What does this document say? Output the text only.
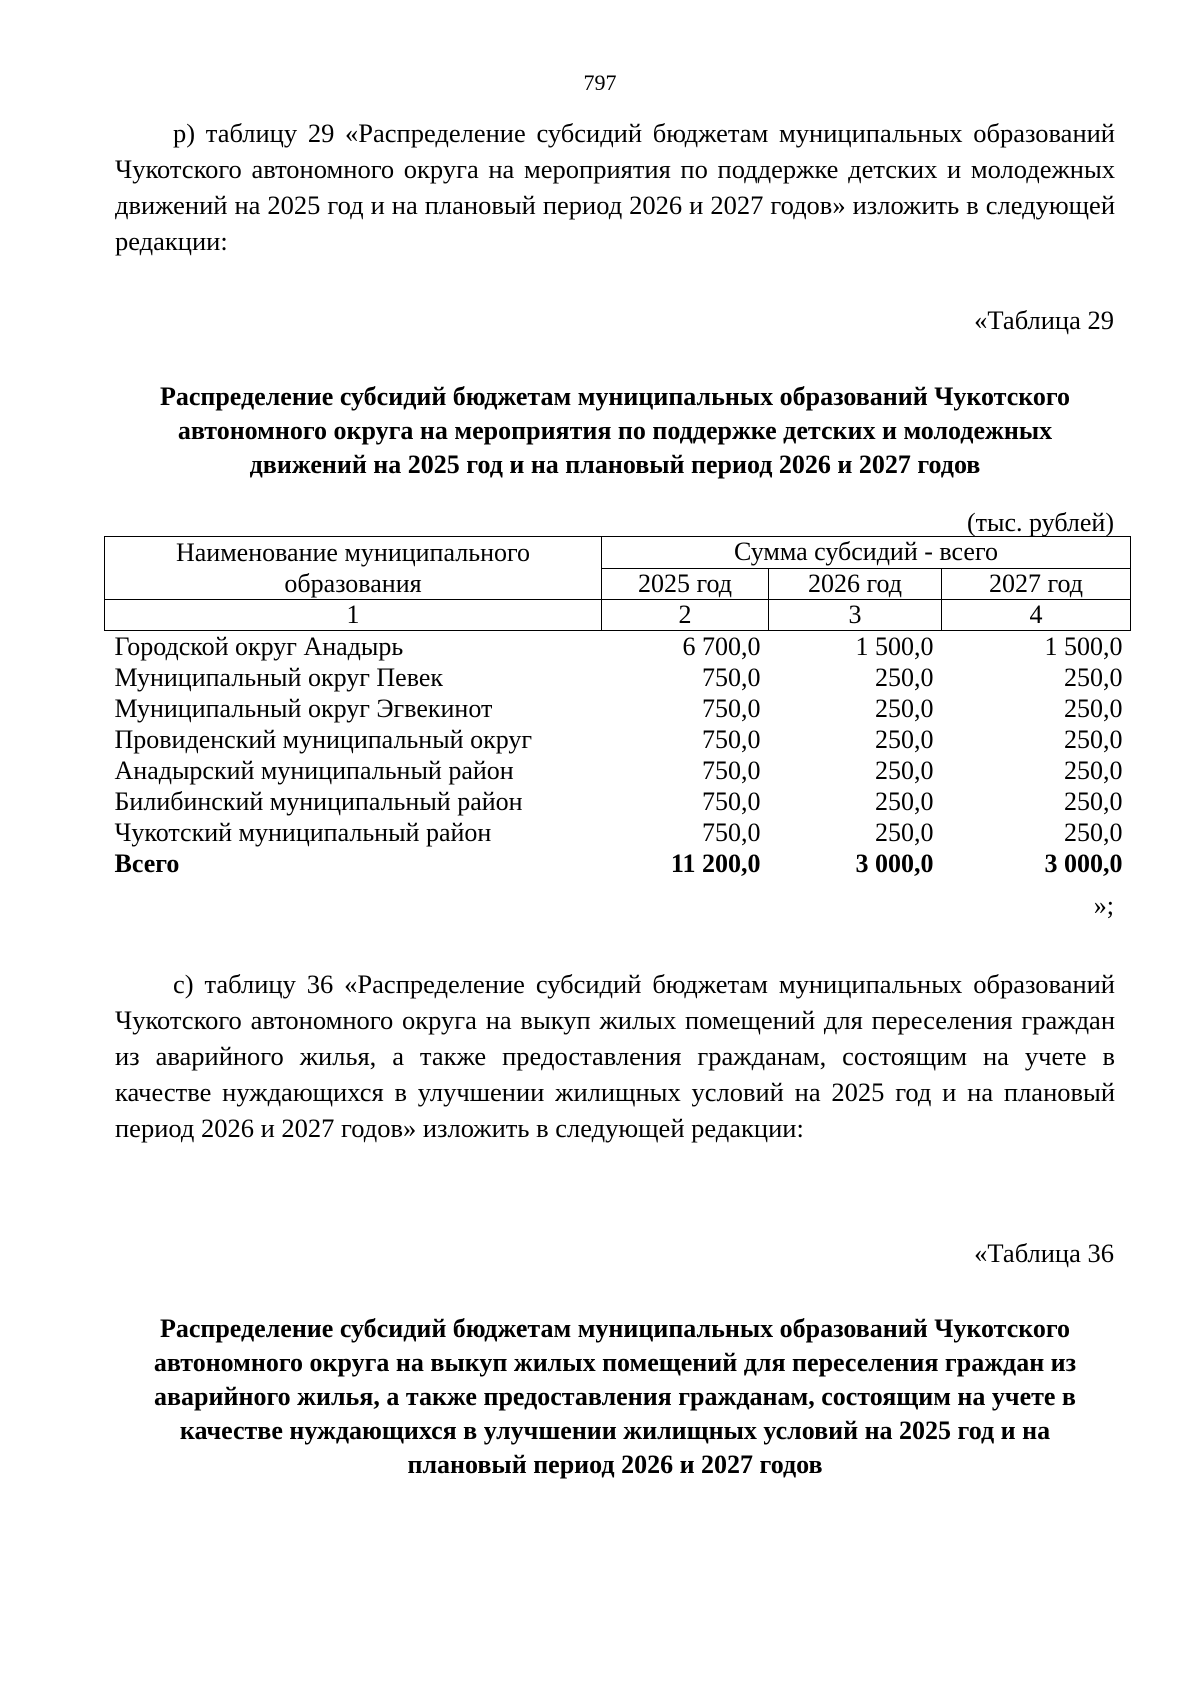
797

р) таблицу 29 «Распределение субсидий бюджетам муниципальных образований Чукотского автономного округа на мероприятия по поддержке детских и молодежных движений на 2025 год и на плановый период 2026 и 2027 годов» изложить в следующей редакции:

«Таблица 29
Распределение субсидий бюджетам муниципальных образований Чукотского автономного округа на мероприятия по поддержке детских и молодежных движений на 2025 год и на плановый период 2026 и 2027 годов
(тыс. рублей)
Наименование муниципального образования	Сумма субсидий - всего		
	2025 год	2026 год	2027 год
1	2	3	4
Городской округ Анадырь	6 700,0	1 500,0	1 500,0
Муниципальный округ Певек	750,0	250,0	250,0
Муниципальный округ Эгвекинот	750,0	250,0	250,0
Провиденский муниципальный округ	750,0	250,0	250,0
Анадырский муниципальный район	750,0	250,0	250,0
Билибинский муниципальный район	750,0	250,0	250,0
Чукотский муниципальный район	750,0	250,0	250,0
Всего	11 200,0	3 000,0	3 000,0
»;

с) таблицу 36 «Распределение субсидий бюджетам муниципальных образований Чукотского автономного округа на выкуп жилых помещений для переселения граждан из аварийного жилья, а также предоставления гражданам, состоящим на учете в качестве нуждающихся в улучшении жилищных условий на 2025 год и на плановый период 2026 и 2027 годов» изложить в следующей редакции:

«Таблица 36
Распределение субсидий бюджетам муниципальных образований Чукотского автономного округа на выкуп жилых помещений для переселения граждан из аварийного жилья, а также предоставления гражданам, состоящим на учете в качестве нуждающихся в улучшении жилищных условий на 2025 год и на плановый период 2026 и 2027 годов
